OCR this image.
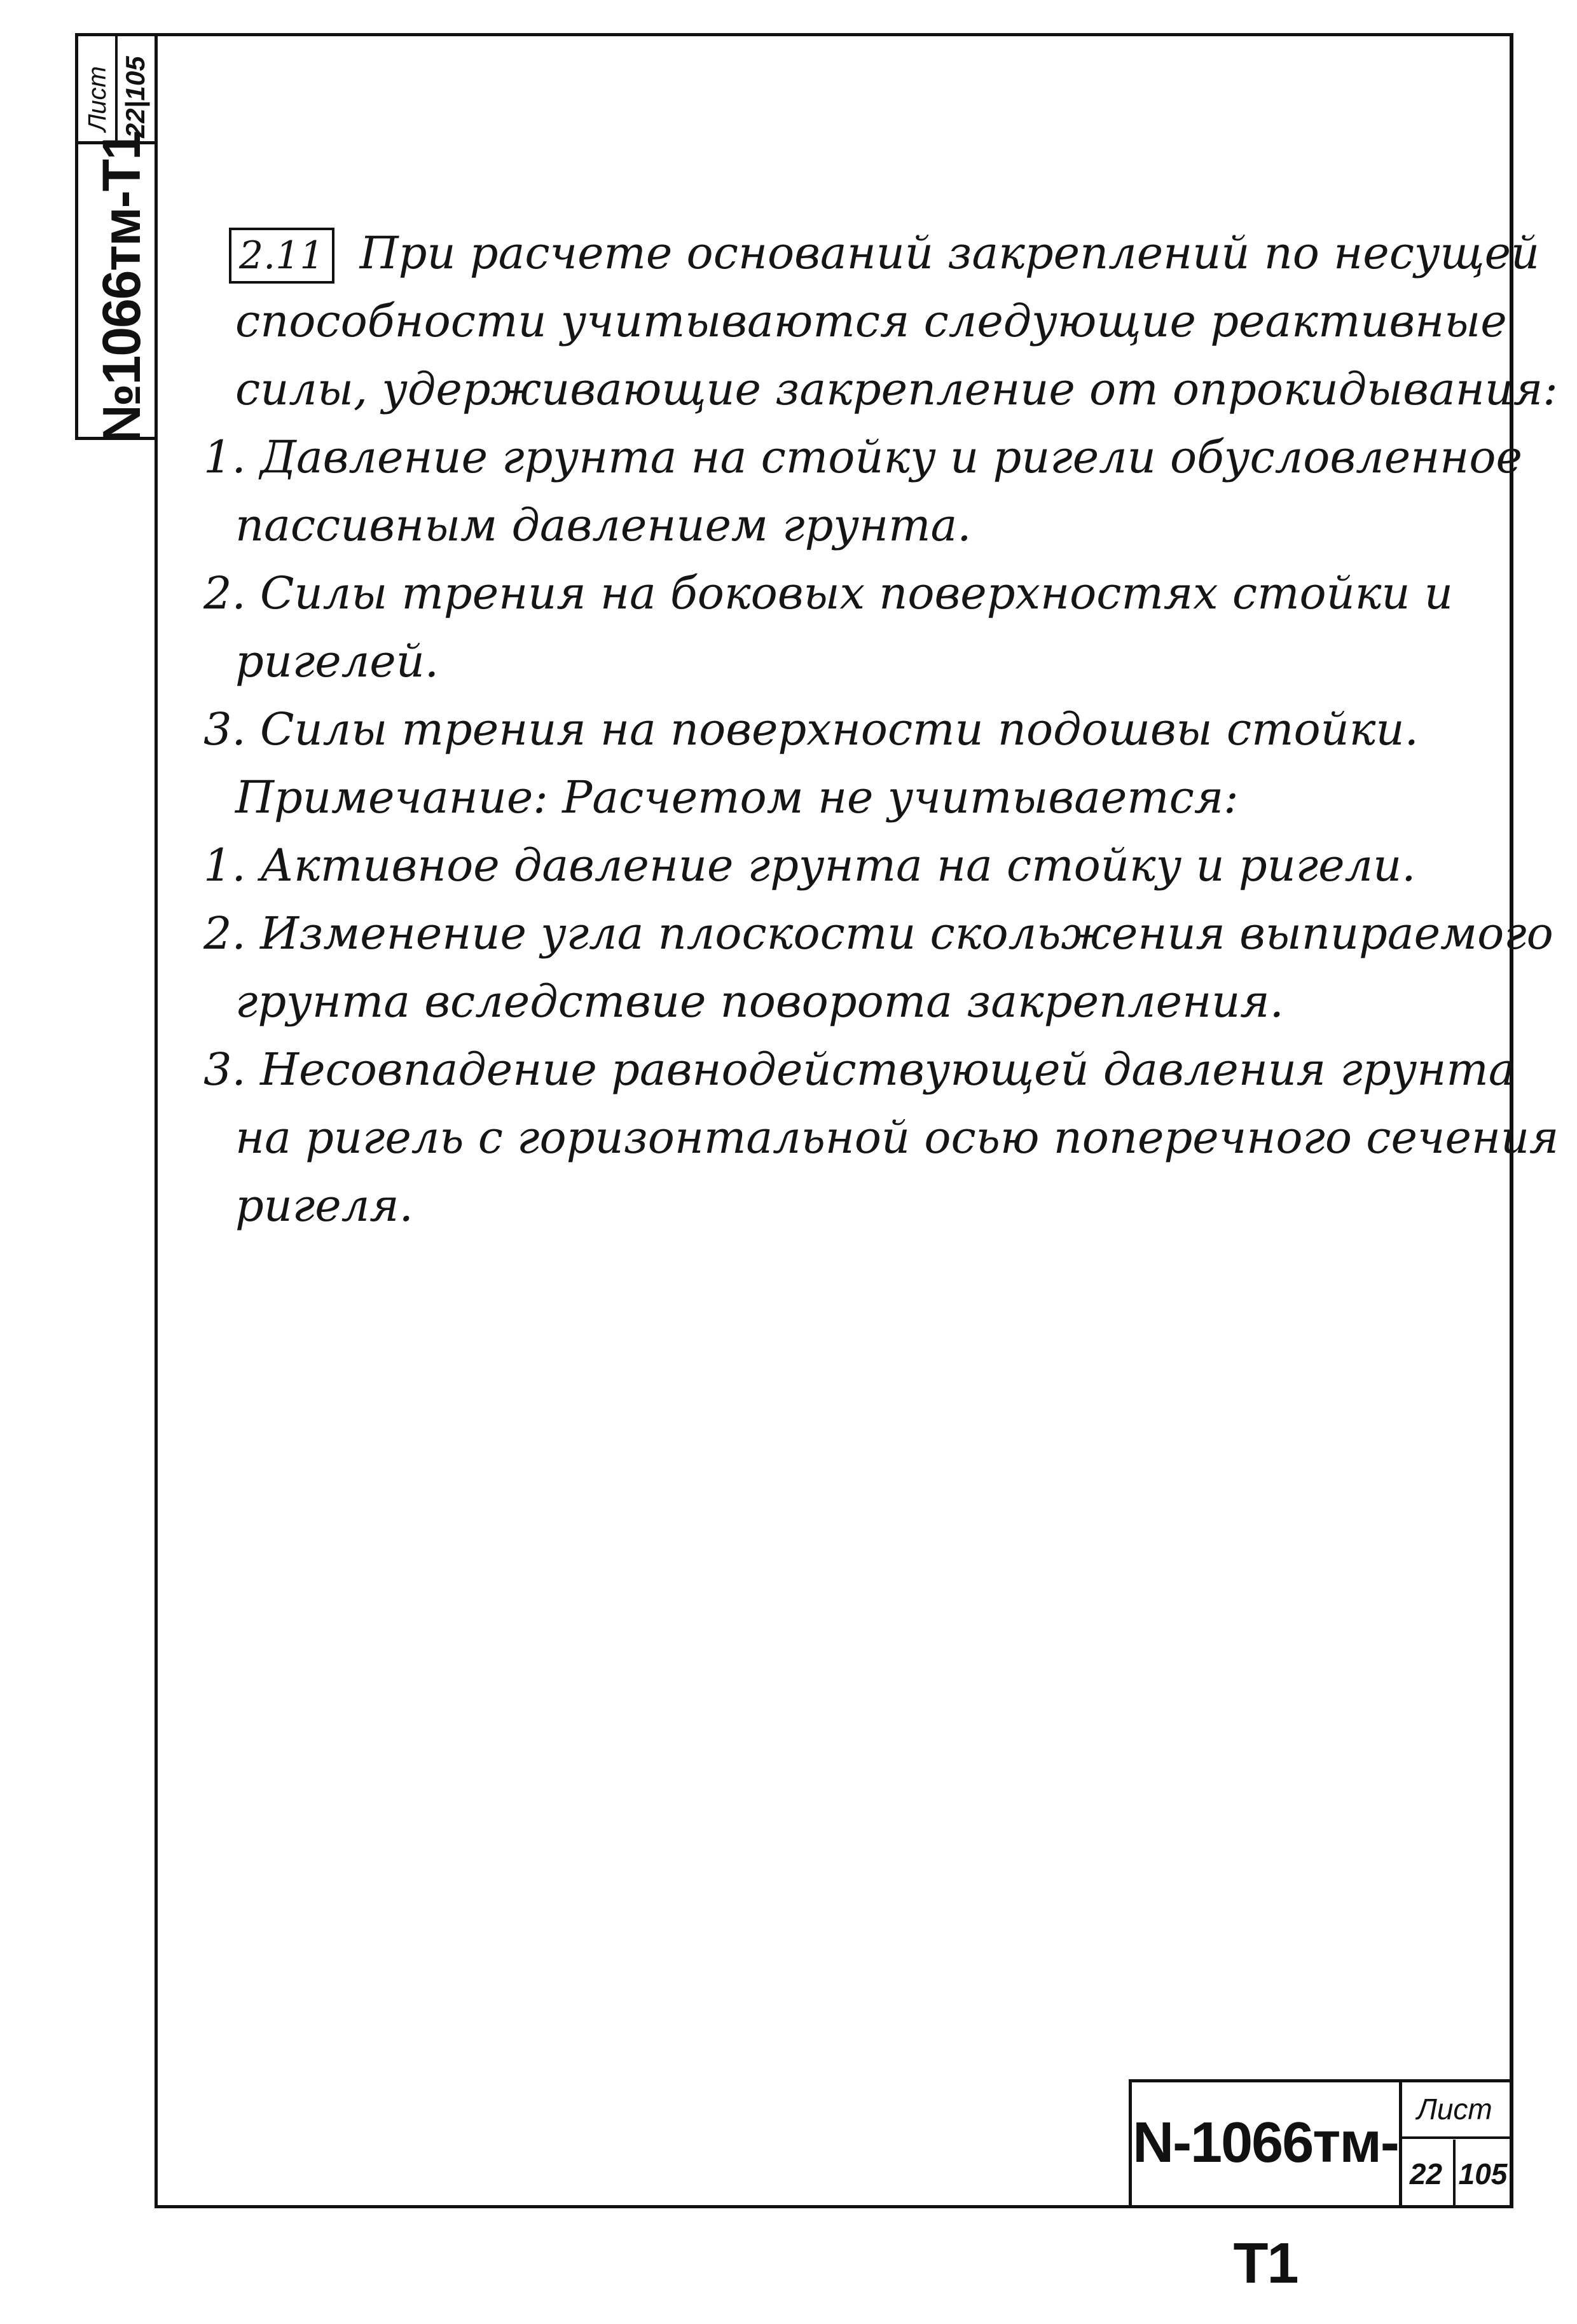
Лист 22|105
№1066тм-Т1	2.11 При расчете оснований закреплений по несущей
способности учитываются следующие реактивные
силы, удерживающие закрепление от опрокидывания:
1. Давление грунта на стойку и ригели обусловленное
пассивным давлением грунта.
2. Силы трения на боковых поверхностях стойки и
ригелей.
3. Силы трения на поверхности подошвы стойки.
Примечание: Расчетом не учитывается:
1. Активное давление грунта на стойку и ригели.
2. Изменение угла плоскости скольжения выпираемого
грунта вследствие поворота закрепления.
3. Несовпадение равнодействующей давления грунта
на ригель с горизонтальной осью поперечного сечения
ригеля.
N-1066тм-Т1
Лист
22 105
